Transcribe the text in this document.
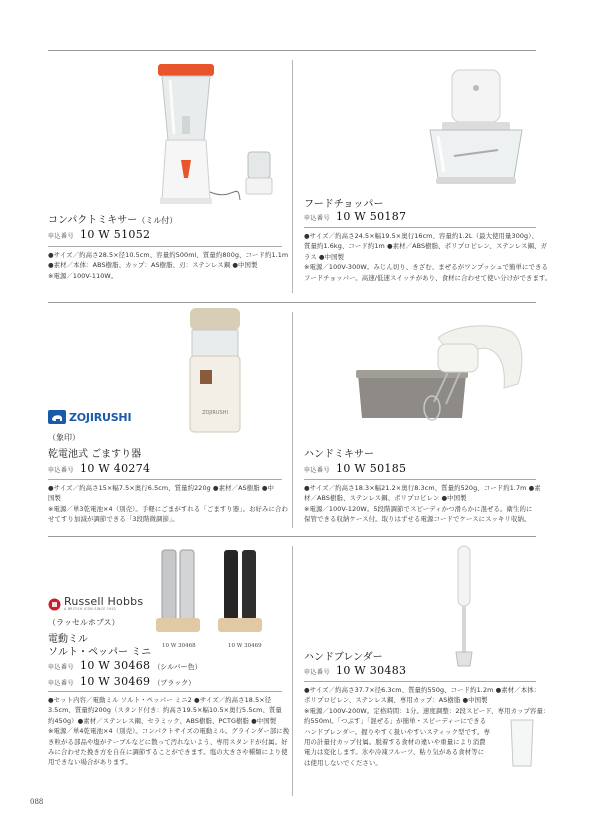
コンパクトミキサー（ミル付）
申込番号 10 W 51052

●サイズ／約高さ28.5×径10.5cm、容量約500ml、質量約800g、コード約1.1m

●素材／本体：ABS樹脂、カップ：AS樹脂、刃：ステンレス鋼 ●中国製

※電源／100V-110W。

フードチョッパー
申込番号 10 W 50187

●サイズ／約高さ24.5×幅19.5×奥行16cm、容量約1.2L（最大使用量300g）、

質量約1.6kg、コード約1m ●素材／ABS樹脂、ポリプロピレン、ステンレス鋼、ガ

ラス ●中国製

※電源／100V-300W。みじん切り、きざむ、まぜるがワンプッシュで簡単にできる

フードチョッパー。高速/低速スイッチがあり、食材に合わせて使い分けができます。

ZOJIRUSHI
ZOJIRUSHI
（象印）
乾電池式 ごますり器
申込番号 10 W 40274

●サイズ／約高さ15×幅7.5×奥行6.5cm、質量約220g ●素材／AS樹脂 ●中

国製

※電源／単3乾電池×4（別売）。手軽にごまがすれる「ごますり器」。お好みに合わ

せてすり加減が調節できる「3段階微調節」。

ハンドミキサー
申込番号 10 W 50185

●サイズ／約高さ18.3×幅21.2×奥行8.3cm、質量約520g、コード約1.7m ●素

材／ABS樹脂、ステンレス鋼、ポリプロピレン ●中国製

※電源／100V-120W。5段階調節でスピーディかつ滑らかに混ぜる。衛生的に

保管できる収納ケース付。取りはずせる電源コードでケースにスッキリ収納。

10 W 30468	10 W 30469
Russell Hobbs
A BRITISH ICON SINCE 1952
（ラッセルホブス）
電動ミル
ソルト・ペッパー ミニ
申込番号 10 W 30468 （シルバー色）
申込番号 10 W 30469 （ブラック）

●セット内容／電動ミル ソルト・ペッパー ミニ2 ●サイズ／約高さ18.5×径

3.5cm、質量約200g（スタンド付き：約高さ19.5×幅10.5×奥行5.5cm、質量

約450g）●素材／ステンレス鋼、セラミック、ABS樹脂、PCTG樹脂 ●中国製

※電源／単4乾電池×4（別売）。コンパクトサイズの電動ミル。グラインダー部に挽

き粒がる部品や塩がテーブルなどに散って汚れないよう、専用スタンドが付属。好

みに合わせた挽き方を自在に調節することができます。塩の大きさや種類により使

用できない場合があります。

ハンドブレンダー
申込番号 10 W 30483

●サイズ／約高さ37.7×径6.3cm、質量約550g、コード約1.2m ●素材／本体：

ポリプロピレン、ステンレス鋼、専用カップ：AS樹脂 ●中国製

※電源／100V-200W。定格時間：1分。速度調整：2段スピード、専用カップ容量：

約550ml。「つぶす」「混ぜる」が簡単・スピーディーにできる

ハンドブレンダー。握りやすく扱いやすいスティック型です。専

用の計量付カップ付属。脱着する食材の違いや重量により消費

電力は変化します。氷や冷凍フルーツ、粘り気がある食材等に

は使用しないでください。

088
